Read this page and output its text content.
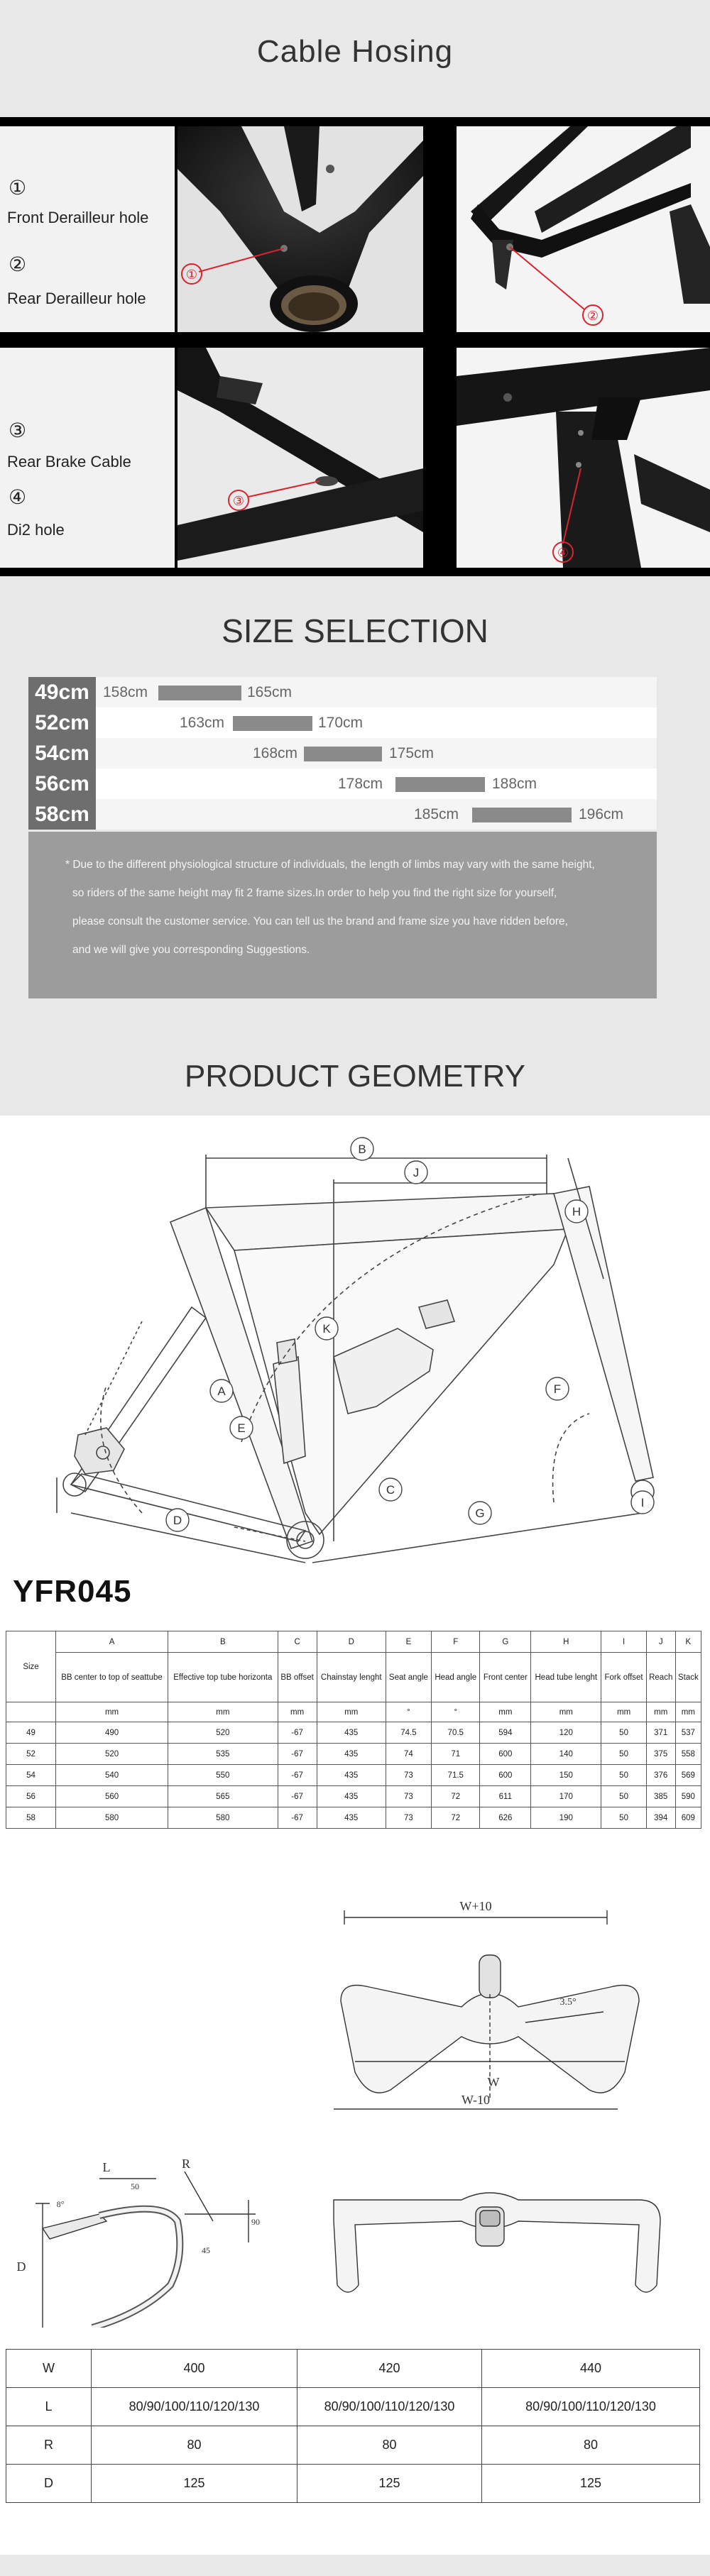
Cable Hosing
①
Front Derailleur hole
②
Rear Derailleur hole
①
②
③
Rear Brake Cable
④
Di2 hole
③
④
SIZE SELECTION
49cm 158cm	165cm
52cm	163cm	170cm
54cm	168cm	175cm
56cm	178cm	188cm
58cm	185cm	196cm

* Due to the different physiological structure of individuals, the length of limbs may vary with the same height,

so riders of the same height may fit 2 frame sizes.In order to help you find the right size for yourself,

please consult the customer service. You can tell us the brand and frame size you have ridden before,

and we will give you corresponding Suggestions.

PRODUCT GEOMETRY
A
B
C
D
E
F
G
H
I
J
K
YFR045
Size	A	B	C	D	E	F	G	H	I	J	K
	BB center to top of seattube	Effective top tube horizonta	BB offset	Chainstay lenght	Seat angle	Head angle	Front center	Head tube lenght	Fork offset	Reach	Stack
	mm	mm	mm	mm	°	°	mm	mm	mm	mm	mm
49	490	520	-67	435	74.5	70.5	594	120	50	371	537
52	520	535	-67	435	74	71	600	140	50	375	558
54	540	550	-67	435	73	71.5	600	150	50	376	569
56	560	565	-67	435	73	72	611	170	50	385	590
58	580	580	-67	435	73	72	626	190	50	394	609
W+10
W
W-10
3.5°
L	R
D
8°
50
45
90
W	400	420	440
L	80/90/100/110/120/130	80/90/100/110/120/130	80/90/100/110/120/130
R	80	80	80
D	125	125	125
